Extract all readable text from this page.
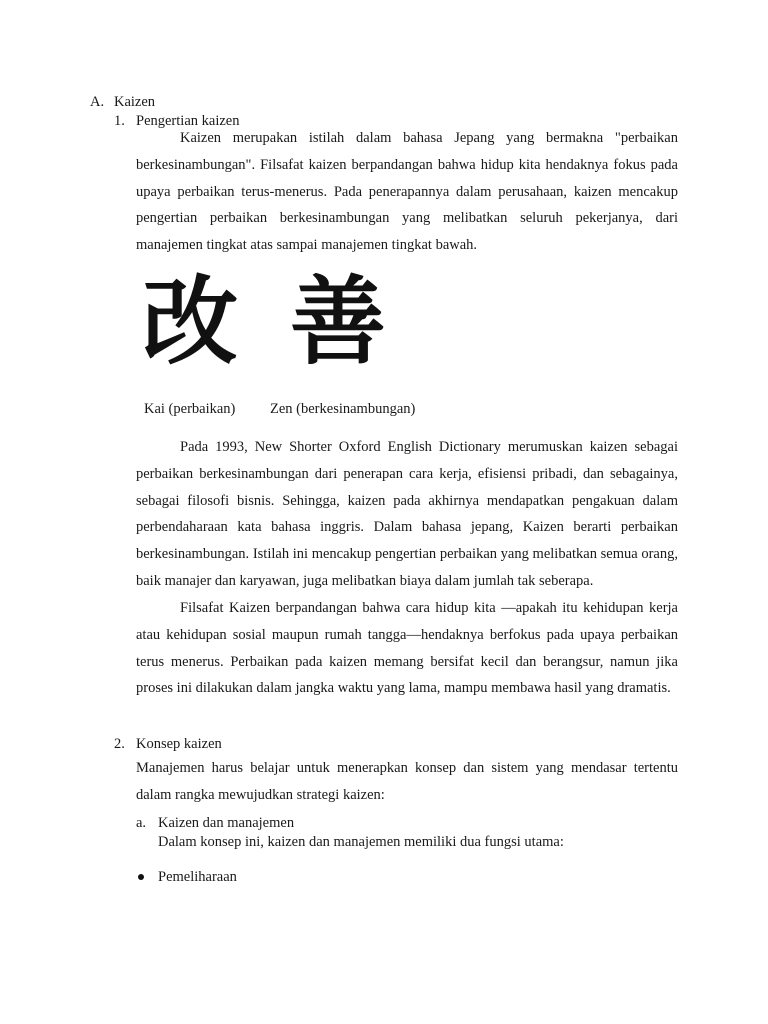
A. Kaizen
1. Pengertian kaizen

Kaizen merupakan istilah dalam bahasa Jepang yang bermakna "perbaikan berkesinambungan". Filsafat kaizen berpandangan bahwa hidup kita hendaknya fokus pada upaya perbaikan terus-menerus. Pada penerapannya dalam perusahaan, kaizen mencakup pengertian perbaikan berkesinambungan yang melibatkan seluruh pekerjanya, dari manajemen tingkat atas sampai manajemen tingkat bawah.

改 善
Kai (perbaikan) Zen (berkesinambungan)

Pada 1993, New Shorter Oxford English Dictionary merumuskan kaizen sebagai perbaikan berkesinambungan dari penerapan cara kerja, efisiensi pribadi, dan sebagainya, sebagai filosofi bisnis. Sehingga, kaizen pada akhirnya mendapatkan pengakuan dalam perbendaharaan kata bahasa inggris. Dalam bahasa jepang, Kaizen berarti perbaikan berkesinambungan. Istilah ini mencakup pengertian perbaikan yang melibatkan semua orang, baik manajer dan karyawan, juga melibatkan biaya dalam jumlah tak seberapa.

Filsafat Kaizen berpandangan bahwa cara hidup kita —apakah itu kehidupan kerja atau kehidupan sosial maupun rumah tangga—hendaknya berfokus pada upaya perbaikan terus menerus. Perbaikan pada kaizen memang bersifat kecil dan berangsur, namun jika proses ini dilakukan dalam jangka waktu yang lama, mampu membawa hasil yang dramatis.

2. Konsep kaizen

Manajemen harus belajar untuk menerapkan konsep dan sistem yang mendasar tertentu dalam rangka mewujudkan strategi kaizen:

a. Kaizen dan manajemen
Dalam konsep ini, kaizen dan manajemen memiliki dua fungsi utama:
Pemeliharaan
